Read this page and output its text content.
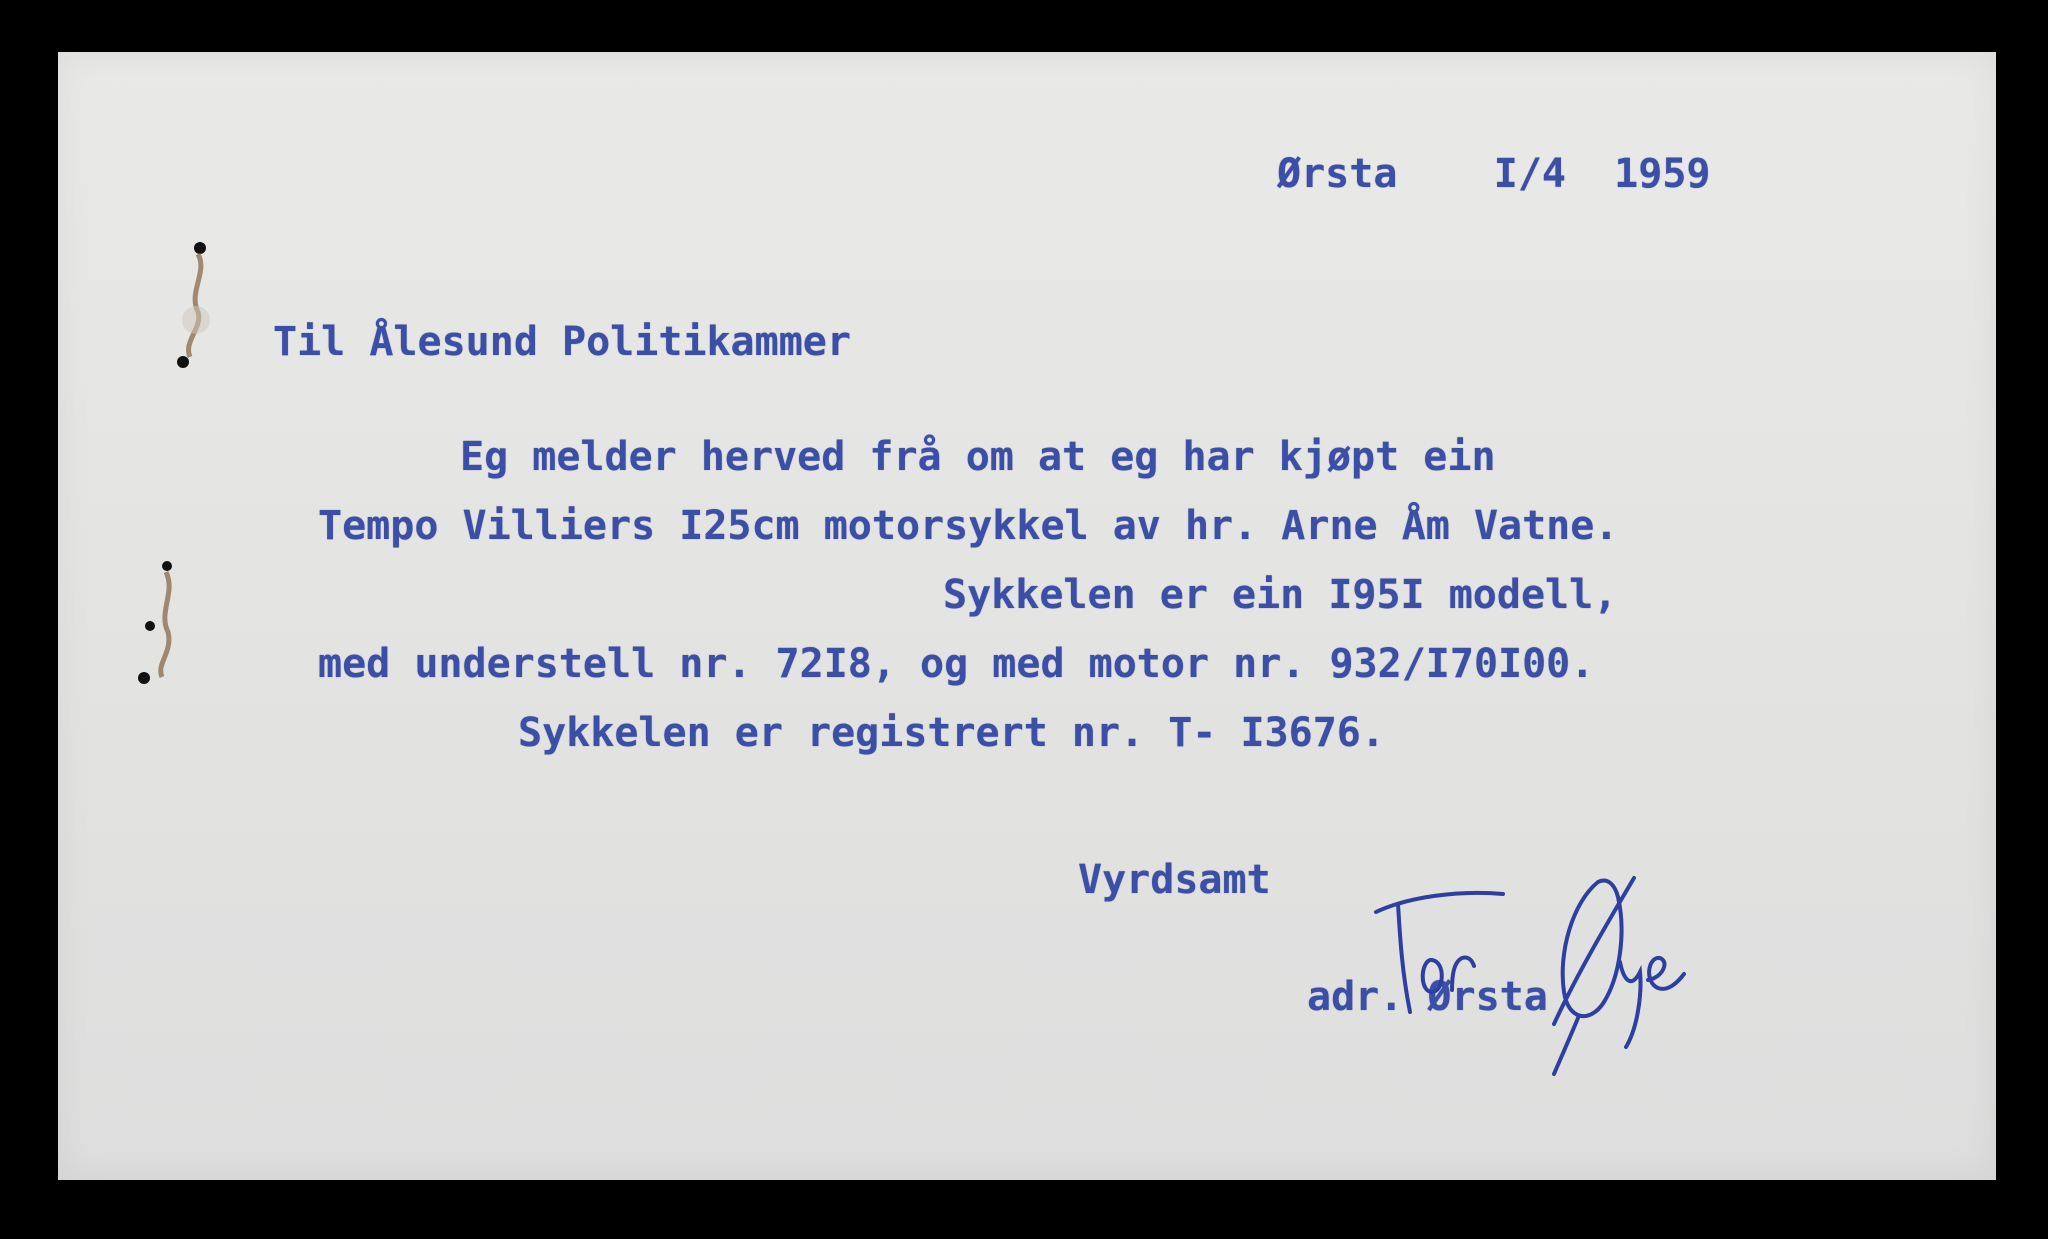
Ørsta    I/4  1959

Til Ålesund Politikammer

Eg melder herved frå om at eg har kjøpt ein

Tempo Villiers I25cm motorsykkel av hr. Arne Åm Vatne.

Sykkelen er ein I95I modell,

med understell nr. 72I8, og med motor nr. 932/I70I00.

Sykkelen er registrert nr. T- I3676.

Vyrdsamt

adr. Ørsta
